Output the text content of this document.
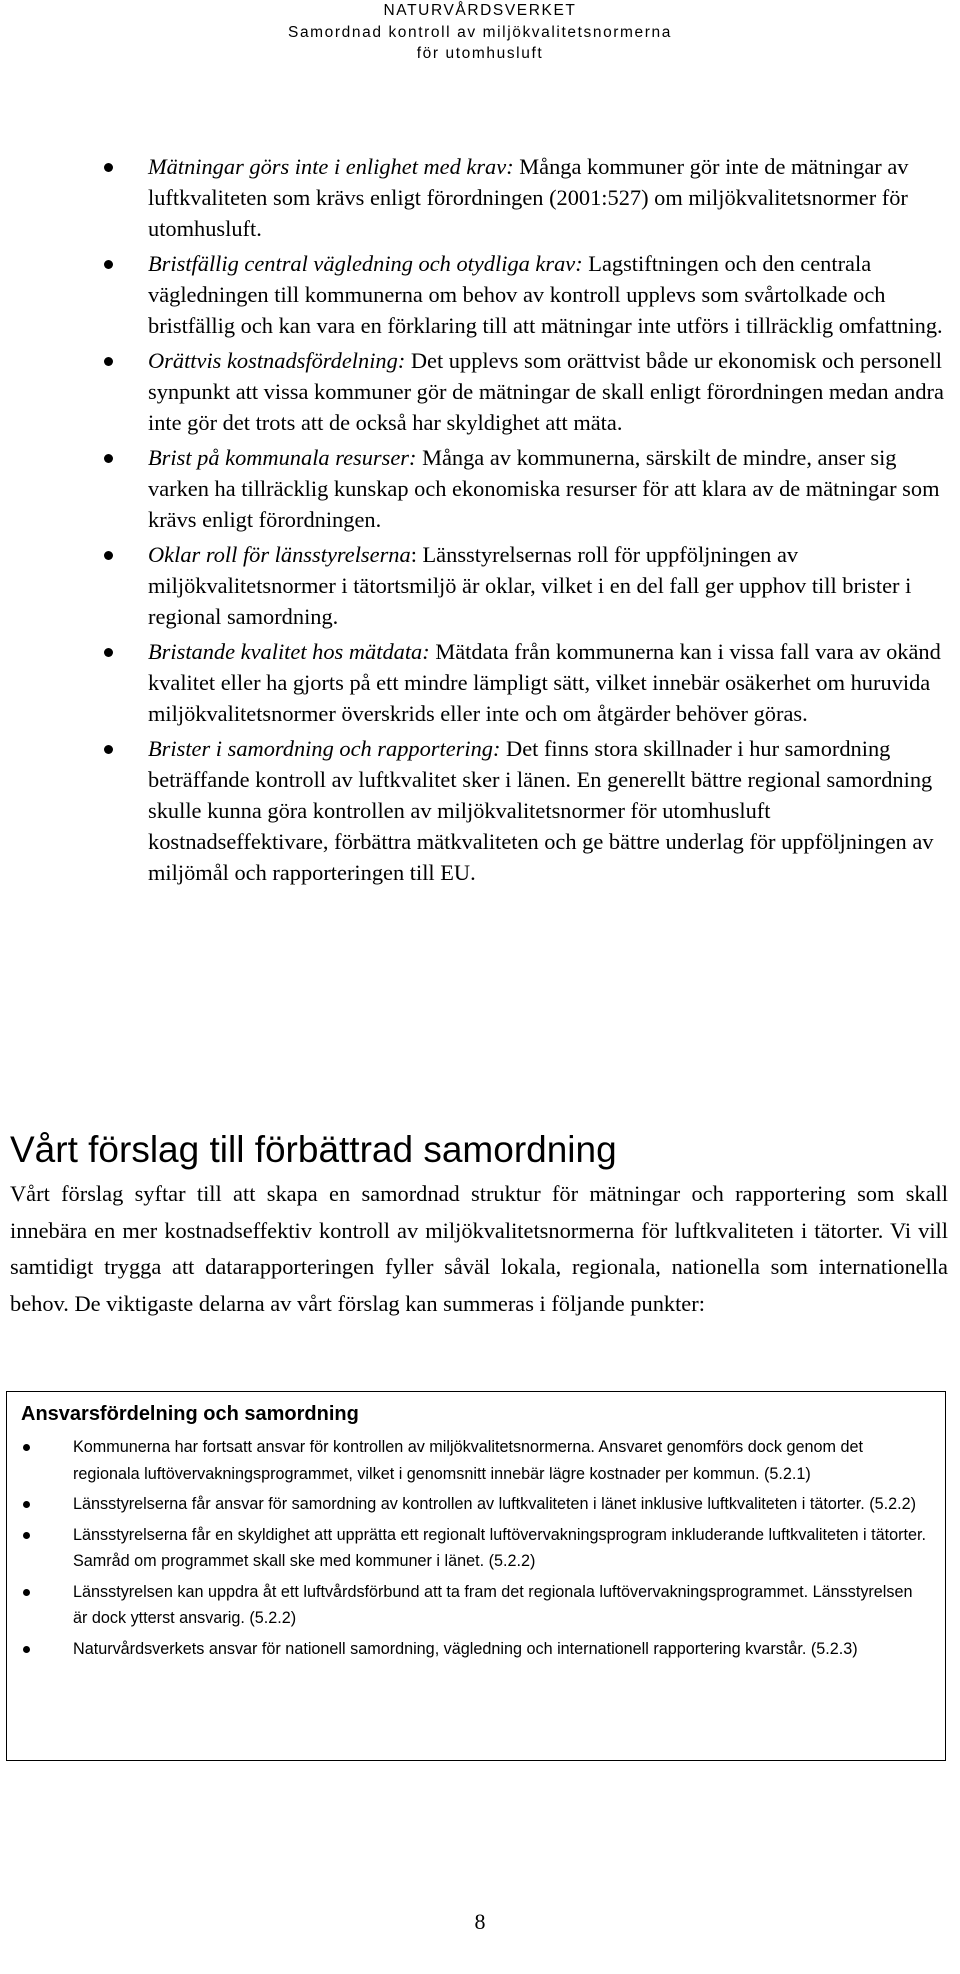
NATURVÅRDSVERKET
Samordnad kontroll av miljökvalitetsnormerna
för utomhusluft
Mätningar görs inte i enlighet med krav: Många kommuner gör inte de mätningar av luftkvaliteten som krävs enligt förordningen (2001:527) om miljökvalitetsnormer för utomhusluft.
Bristfällig central vägledning och otydliga krav: Lagstiftningen och den centrala vägledningen till kommunerna om behov av kontroll upplevs som svårtolkade och bristfällig och kan vara en förklaring till att mätningar inte utförs i tillräcklig omfattning.
Orättvis kostnadsfördelning: Det upplevs som orättvist både ur ekonomisk och personell synpunkt att vissa kommuner gör de mätningar de skall enligt förordningen medan andra inte gör det trots att de också har skyldighet att mäta.
Brist på kommunala resurser: Många av kommunerna, särskilt de mindre, anser sig varken ha tillräcklig kunskap och ekonomiska resurser för att klara av de mätningar som krävs enligt förordningen.
Oklar roll för länsstyrelserna: Länsstyrelsernas roll för uppföljningen av miljökvalitetsnormer i tätortsmiljö är oklar, vilket i en del fall ger upphov till brister i regional samordning.
Bristande kvalitet hos mätdata: Mätdata från kommunerna kan i vissa fall vara av okänd kvalitet eller ha gjorts på ett mindre lämpligt sätt, vilket innebär osäkerhet om huruvida miljökvalitetsnormer överskrids eller inte och om åtgärder behöver göras.
Brister i samordning och rapportering: Det finns stora skillnader i hur samordning beträffande kontroll av luftkvalitet sker i länen. En generellt bättre regional samordning skulle kunna göra kontrollen av miljökvalitetsnormer för utomhusluft kostnadseffektivare, förbättra mätkvaliteten och ge bättre underlag för uppföljningen av miljömål och rapporteringen till EU.
Vårt förslag till förbättrad samordning

Vårt förslag syftar till att skapa en samordnad struktur för mätningar och rapportering som skall innebära en mer kostnadseffektiv kontroll av miljökvalitetsnormerna för luftkvaliteten i tätorter. Vi vill samtidigt trygga att datarapporteringen fyller såväl lokala, regionala, nationella som internationella behov. De viktigaste delarna av vårt förslag kan summeras i följande punkter:

Ansvarsfördelning och samordning
Kommunerna har fortsatt ansvar för kontrollen av miljökvalitetsnormerna. Ansvaret genomförs dock genom det regionala luftövervakningsprogrammet, vilket i genomsnitt innebär lägre kostnader per kommun. (5.2.1)
Länsstyrelserna får ansvar för samordning av kontrollen av luftkvaliteten i länet inklusive luftkvaliteten i tätorter. (5.2.2)
Länsstyrelserna får en skyldighet att upprätta ett regionalt luftövervakningsprogram inkluderande luftkvaliteten i tätorter. Samråd om programmet skall ske med kommuner i länet. (5.2.2)
Länsstyrelsen kan uppdra åt ett luftvårdsförbund att ta fram det regionala luftövervakningsprogrammet. Länsstyrelsen är dock ytterst ansvarig. (5.2.2)
Naturvårdsverkets ansvar för nationell samordning, vägledning och internationell rapportering kvarstår. (5.2.3)
8
